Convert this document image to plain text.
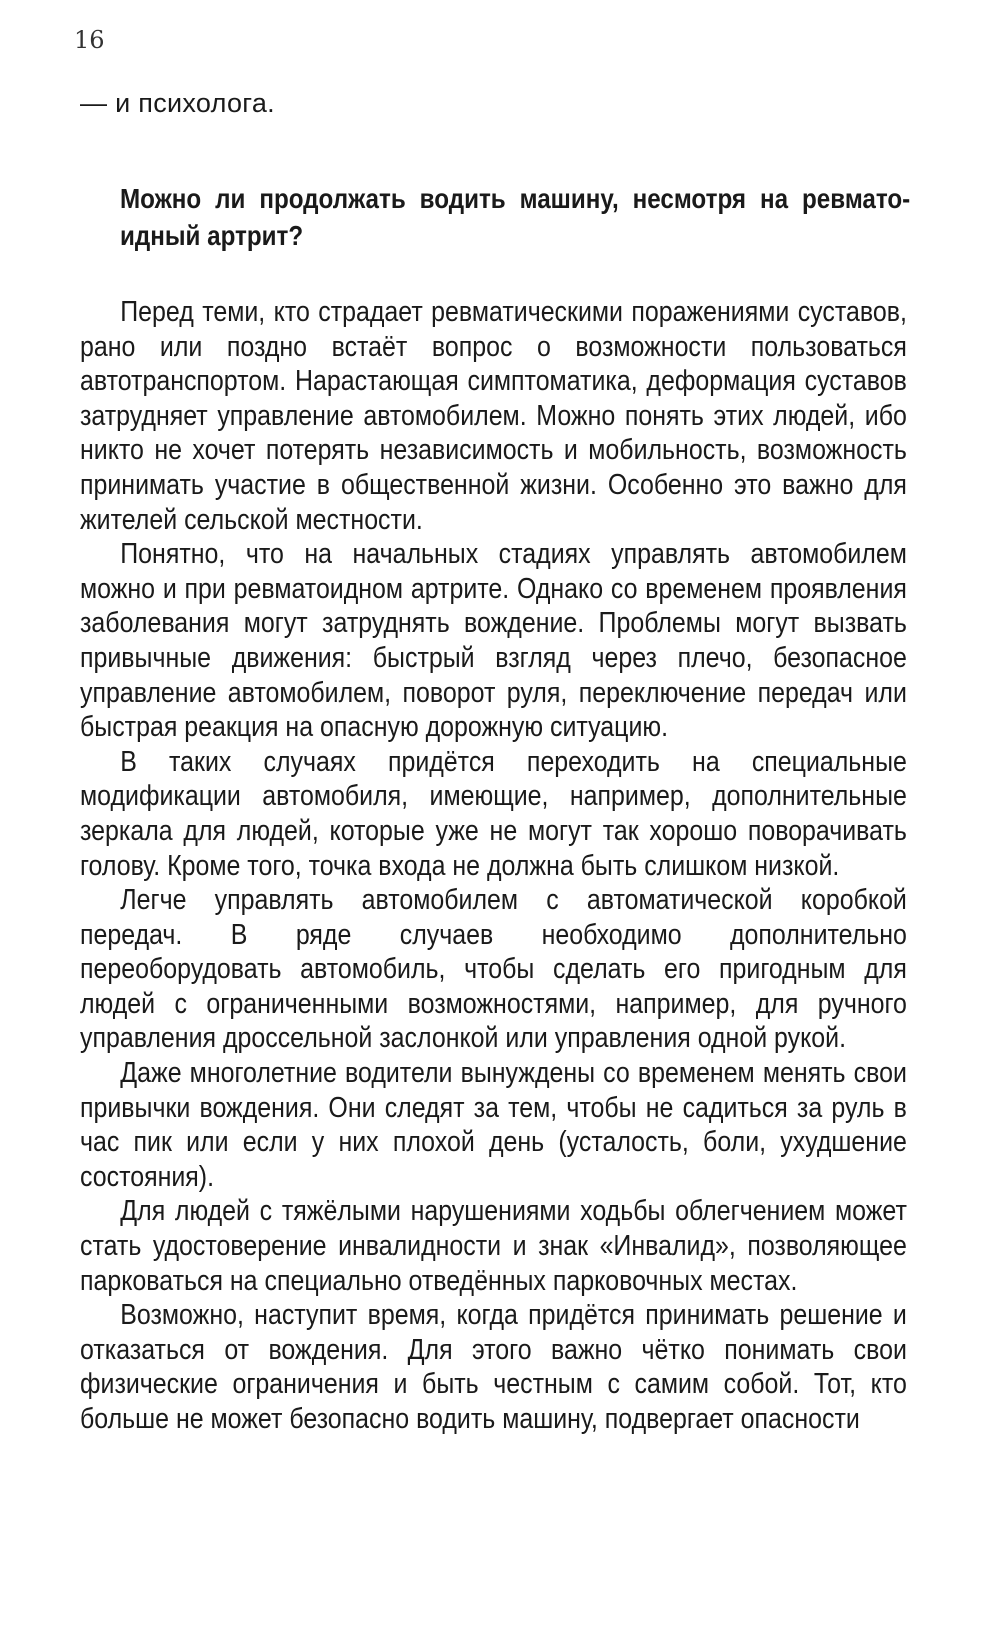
16
— и психолога.
Можно ли продолжать водить машину, несмотря на ревмато-идный артрит?

Перед теми, кто страдает ревматическими поражениями суставов, рано или поздно встаёт вопрос о возможности пользоваться автотранспортом. Нарастающая симптоматика, деформация суставов затрудняет управление автомобилем. Можно понять этих людей, ибо никто не хочет потерять независимость и мобильность, возможность принимать участие в общественной жизни. Особенно это важно для жителей сельской местности.

Понятно, что на начальных стадиях управлять автомобилем можно и при ревматоидном артрите. Однако со временем проявления заболевания могут затруднять вождение. Проблемы могут вызвать привычные движения: быстрый взгляд через плечо, безопасное управление автомобилем, поворот руля, переключение передач или быстрая реакция на опасную дорожную ситуацию.

В таких случаях придётся переходить на специальные модификации автомобиля, имеющие, например, дополнительные зеркала для людей, которые уже не могут так хорошо поворачивать голову. Кроме того, точка входа не должна быть слишком низкой.

Легче управлять автомобилем с автоматической коробкой передач. В ряде случаев необходимо дополнительно переоборудовать автомобиль, чтобы сделать его пригодным для людей с ограниченными возможностями, например, для ручного управления дроссельной заслонкой или управления одной рукой.

Даже многолетние водители вынуждены со временем менять свои привычки вождения. Они следят за тем, чтобы не садиться за руль в час пик или если у них плохой день (усталость, боли, ухудшение состояния).

Для людей с тяжёлыми нарушениями ходьбы облегчением может стать удостоверение инвалидности и знак «Инвалид», позволяющее парковаться на специально отведённых парковочных местах.

Возможно, наступит время, когда придётся принимать решение и отказаться от вождения. Для этого важно чётко понимать свои физические ограничения и быть честным с самим собой. Тот, кто больше не может безопасно водить машину, подвергает опасности
